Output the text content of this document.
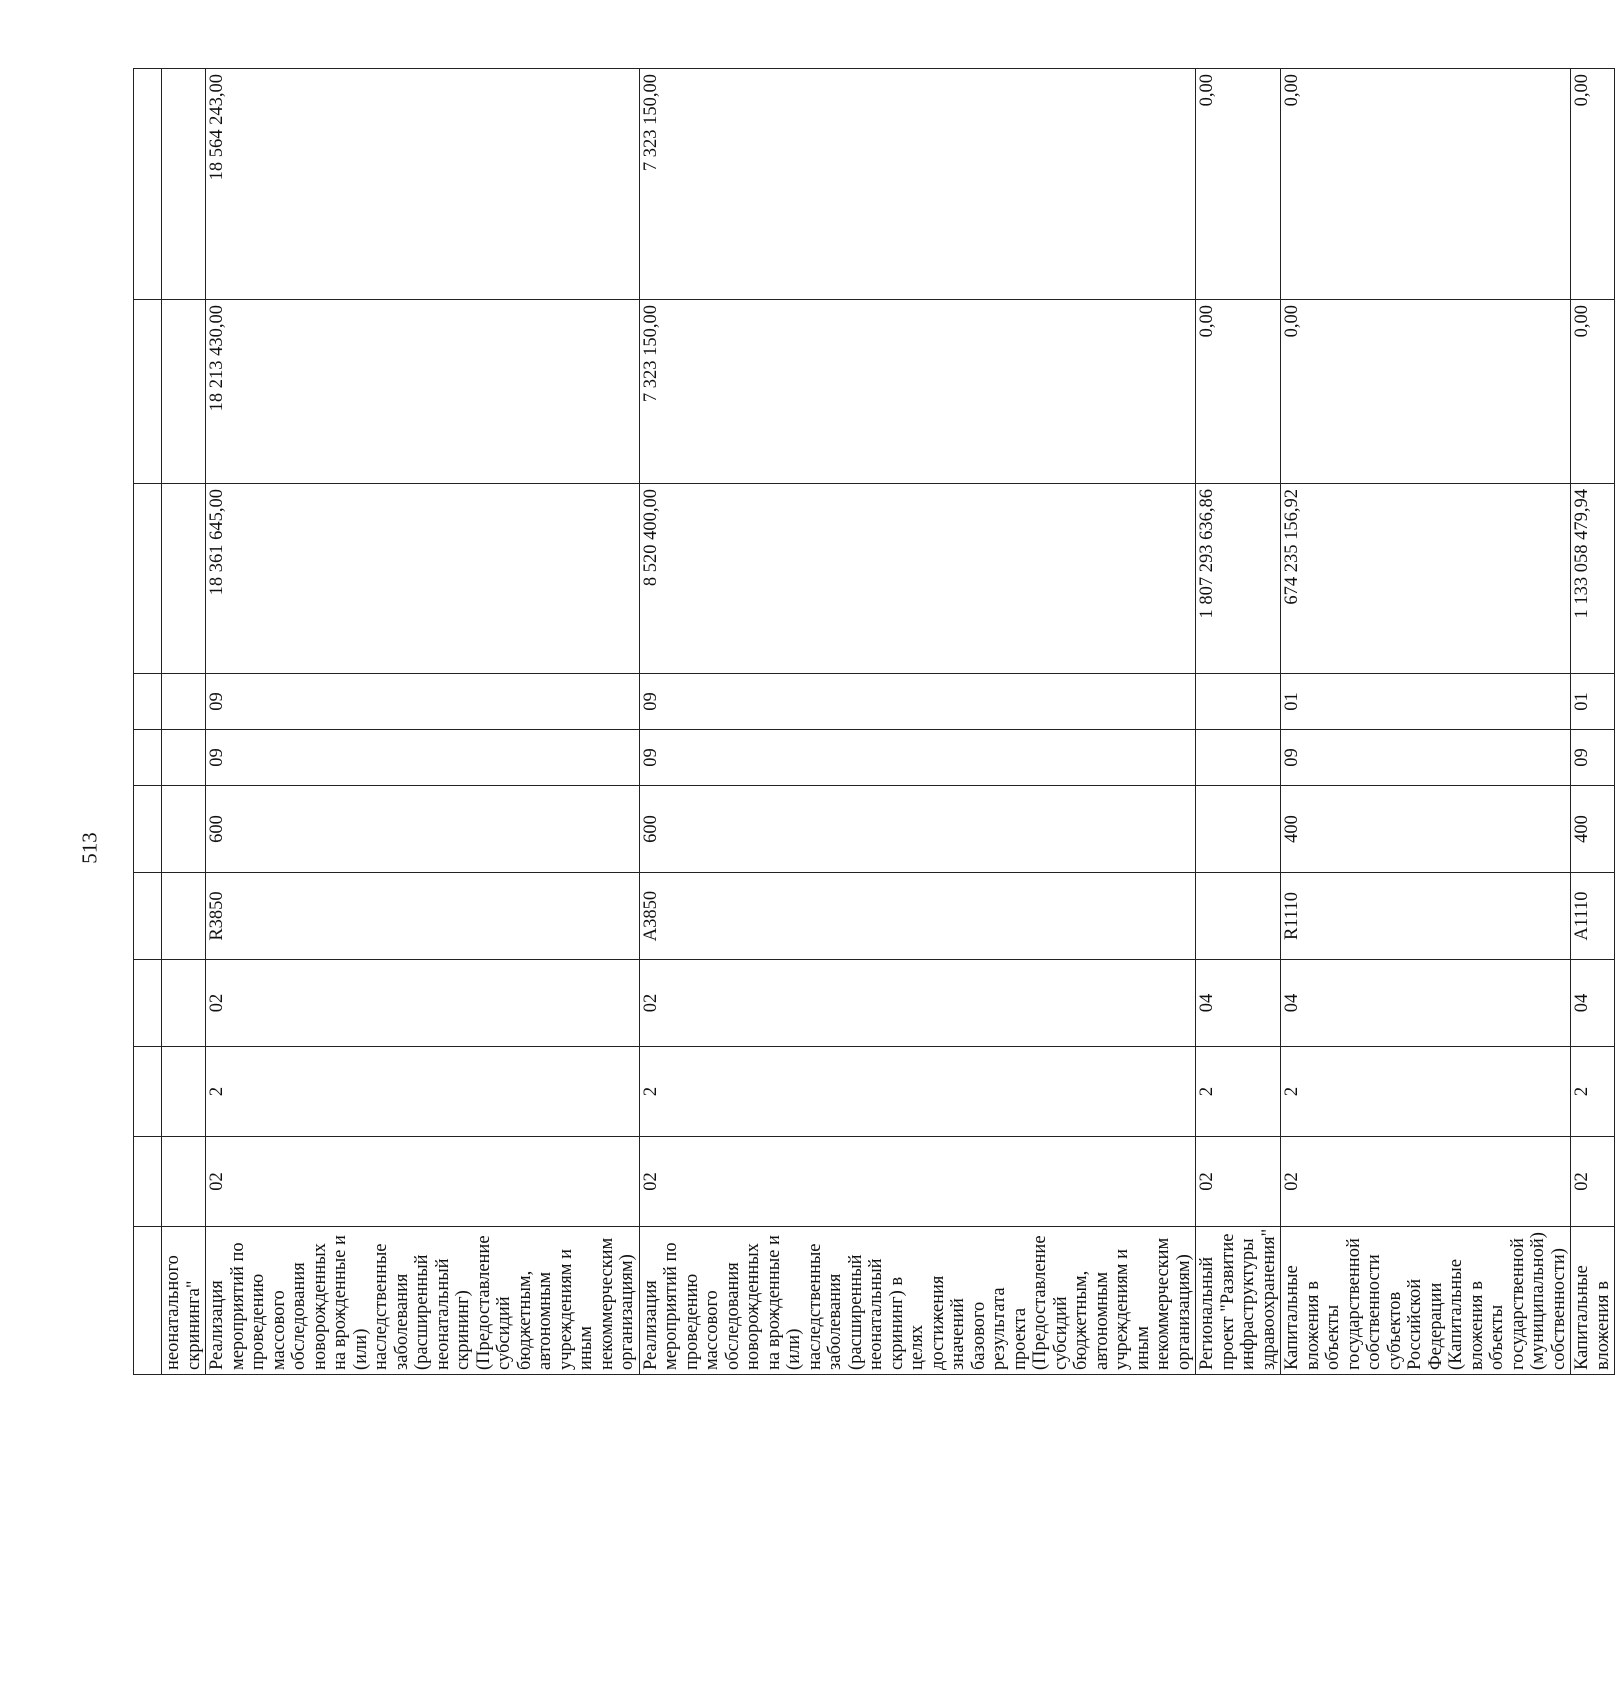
513

неонатального скрининга"										
Реализация мероприятий по проведению массового обследования новорожденных на врожденные и (или) наследственные заболевания (расширенный неонатальный скрининг) (Предоставление субсидий бюджетным, автономным учреждениям и иным некоммерческим организациям)	02	2	02	R3850	600	09	09	18 361 645,00	18 213 430,00	18 564 243,00
Реализация мероприятий по проведению массового обследования новорожденных на врожденные и (или) наследственные заболевания (расширенный неонатальный скрининг) в целях достижения значений базового результата проекта (Предоставление субсидий бюджетным, автономным учреждениям и иным некоммерческим организациям)	02	2	02	А3850	600	09	09	8 520 400,00	7 323 150,00	7 323 150,00
Региональный проект "Развитие инфраструктуры здравоохранения"	02	2	04					1 807 293 636,86	0,00	0,00
Капитальные вложения в объекты государственной собственности субъектов Российской Федерации (Капитальные вложения в объекты государственной (муниципальной) собственности)	02	2	04	R1110	400	09	01	674 235 156,92	0,00	0,00
Капитальные вложения в	02	2	04	А1110	400	09	01	1 133 058 479,94	0,00	0,00
